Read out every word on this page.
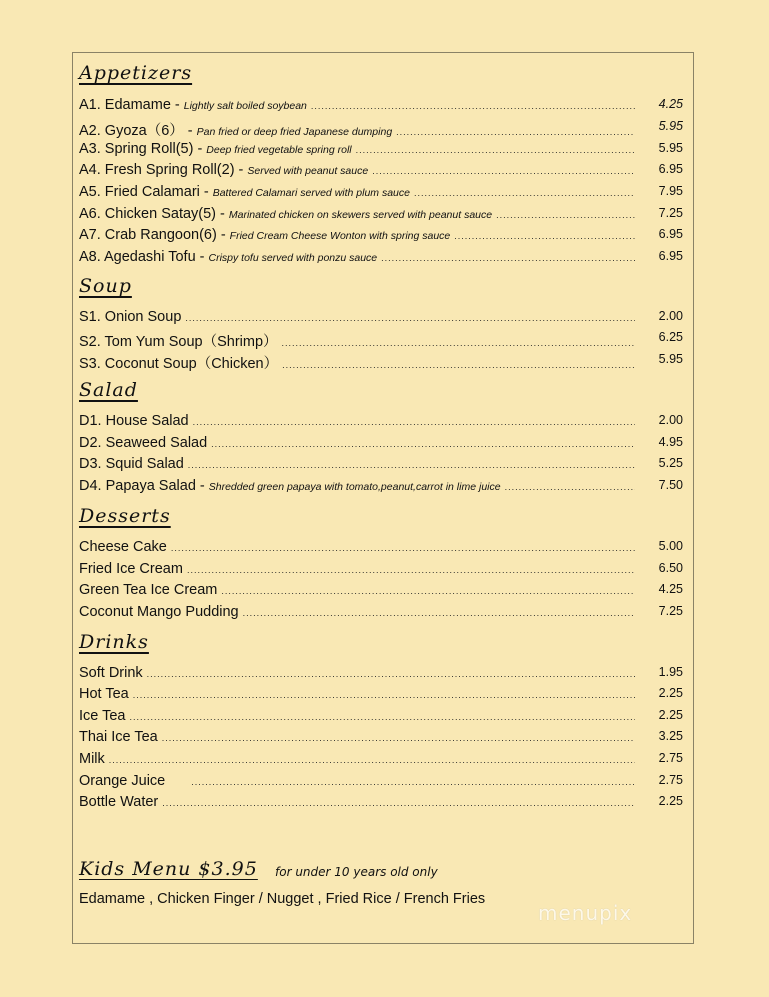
Appetizers
A1. Edamame - Lightly salt boiled soybean .....	4.25
A2. Gyoza（6） - Pan fried or deep fried Japanese dumping .....	5.95
A3. Spring Roll(5) - Deep fried vegetable spring roll .....	5.95
A4. Fresh Spring Roll(2) - Served with peanut sauce .....	6.95
A5. Fried Calamari - Battered Calamari served with plum sauce .....	7.95
A6. Chicken Satay(5) - Marinated chicken on skewers served with peanut sauce .....	7.25
A7. Crab Rangoon(6) - Fried Cream Cheese Wonton with spring sauce .....	6.95
A8. Agedashi Tofu - Crispy tofu served with ponzu sauce .....	6.95
Soup
S1. Onion Soup .....	2.00
S2. Tom Yum Soup（Shrimp） .....	6.25
S3. Coconut Soup（Chicken） .....	5.95
Salad
D1. House Salad .....	2.00
D2. Seaweed Salad .....	4.95
D3. Squid Salad .....	5.25
D4. Papaya Salad - Shredded green papaya with tomato,peanut,carrot in lime juice .....	7.50
Desserts
Cheese Cake .....	5.00
Fried Ice Cream .....	6.50
Green Tea Ice Cream .....	4.25
Coconut Mango Pudding .....	7.25
Drinks
Soft Drink .....	1.95
Hot Tea .....	2.25
Ice Tea .....	2.25
Thai Ice Tea .....	3.25
Milk .....	2.75
Orange Juice .....	2.75
Bottle Water .....	2.25
Kids Menu $3.95	for under 10 years old only
Edamame , Chicken Finger / Nugget , Fried Rice / French Fries
menupix
